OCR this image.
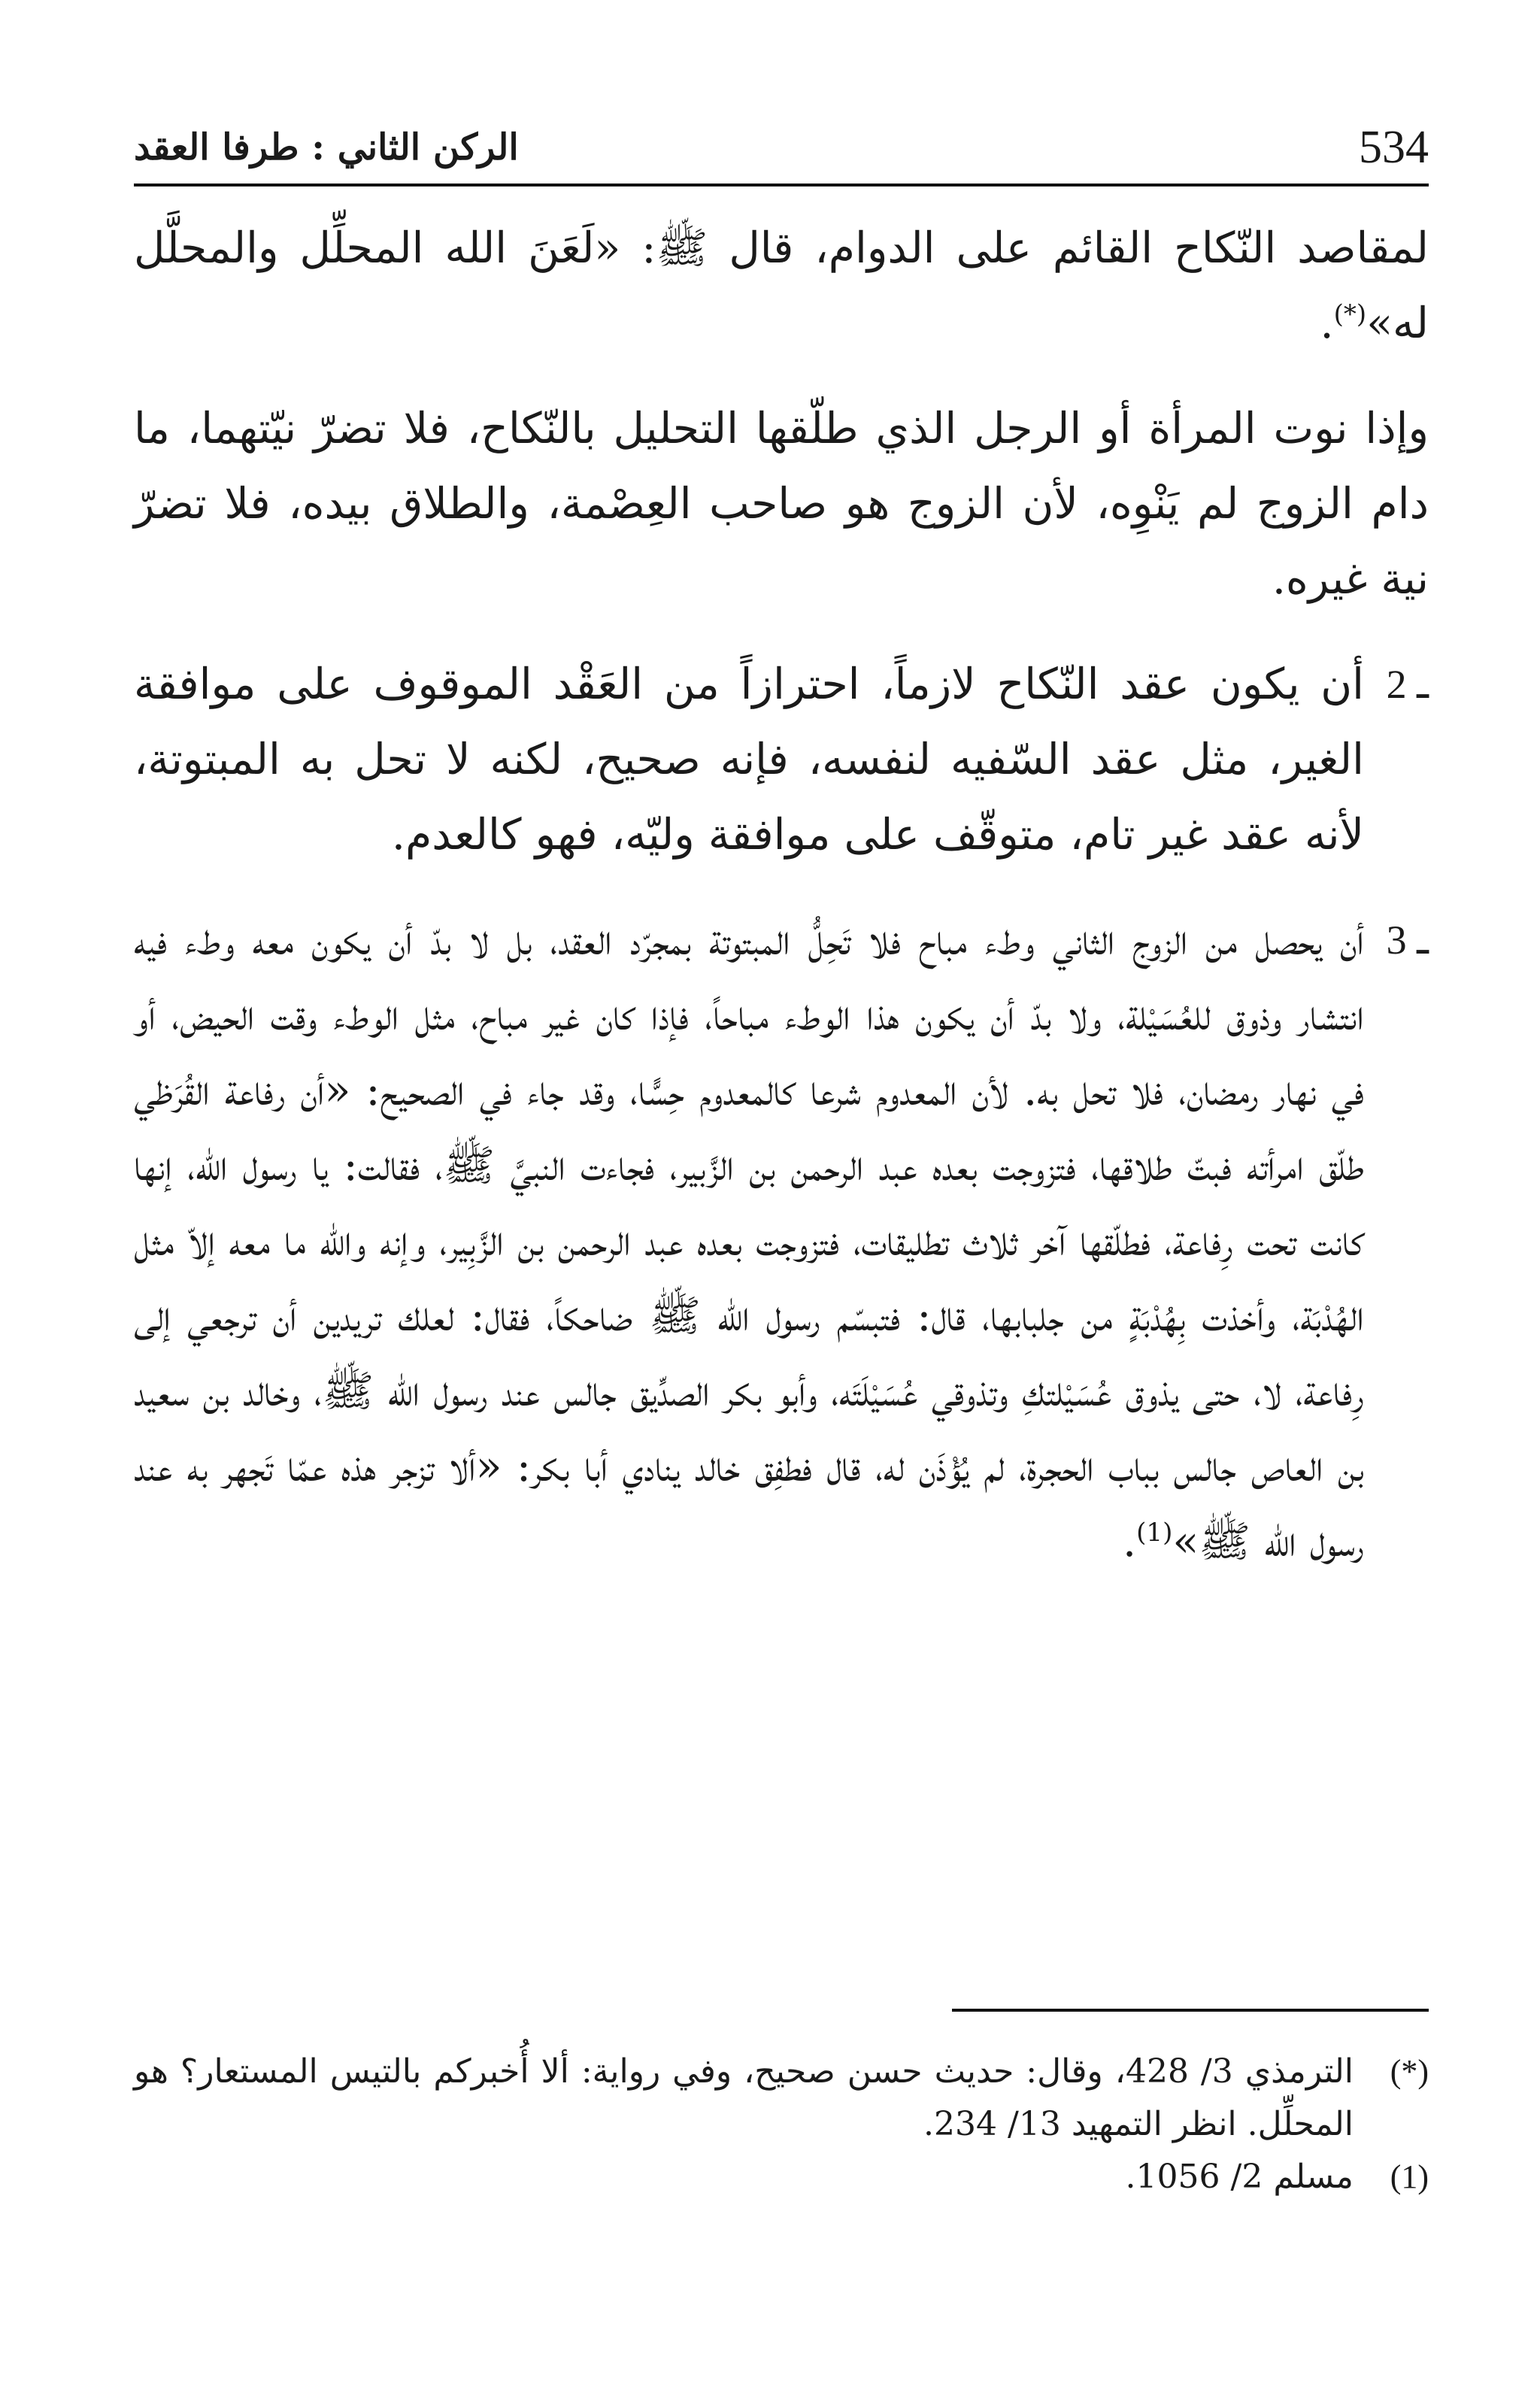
534
الركن الثاني : طرفا العقد

لمقاصد النّكاح القائم على الدوام، قال ﷺ: «لَعَنَ الله المحلِّل والمحلَّل له»(*).

وإذا نوت المرأة أو الرجل الذي طلّقها التحليل بالنّكاح، فلا تضرّ نيّتهما، ما دام الزوج لم يَنْوِه، لأن الزوج هو صاحب العِصْمة، والطلاق بيده، فلا تضرّ نية غيره.

2 ـ

أن يكون عقد النّكاح لازماً، احترازاً من العَقْد الموقوف على موافقة الغير، مثل عقد السّفيه لنفسه، فإنه صحيح، لكنه لا تحل به المبتوتة، لأنه عقد غير تام، متوقّف على موافقة وليّه، فهو كالعدم.

3 ـ

أن يحصل من الزوج الثاني وطء مباح فلا تَحِلُّ المبتوتة بمجرّد العقد، بل لا بدّ أن يكون معه وطء فيه انتشار وذوق للعُسَيْلة، ولا بدّ أن يكون هذا الوطء مباحاً، فإذا كان غير مباح، مثل الوطء وقت الحيض، أو في نهار رمضان، فلا تحل به. لأن المعدوم شرعا كالمعدوم حِسًّا، وقد جاء في الصحيح: «أن رفاعة القُرَظي طلّق امرأته فبتّ طلاقها، فتزوجت بعده عبد الرحمن بن الزَّبير، فجاءت النبيَّ ﷺ، فقالت: يا رسول الله، إنها كانت تحت رِفاعة، فطلّقها آخر ثلاث تطليقات، فتزوجت بعده عبد الرحمن بن الزَّبِير، وإنه والله ما معه إلاّ مثل الهُدْبَة، وأخذت بِهُدْبَةٍ من جلبابها، قال: فتبسّم رسول الله ﷺ ضاحكاً، فقال: لعلك تريدين أن ترجعي إلى رِفاعة، لا، حتى يذوق عُسَيْلتكِ وتذوقي عُسَيْلَتَه، وأبو بكر الصدِّيق جالس عند رسول الله ﷺ، وخالد بن سعيد بن العاص جالس بباب الحجرة، لم يُؤْذَن له، قال فطفِق خالد ينادي أبا بكر: «ألا تزجر هذه عمّا تَجهر به عند رسول الله ﷺ»$^{(1)}$.

(*)
الترمذي 3/ 428، وقال: حديث حسن صحيح، وفي رواية: ألا أُخبركم بالتيس المستعار؟ هو المحلِّل. انظر التمهيد 13/ 234.

(1)
مسلم 2/ 1056.
